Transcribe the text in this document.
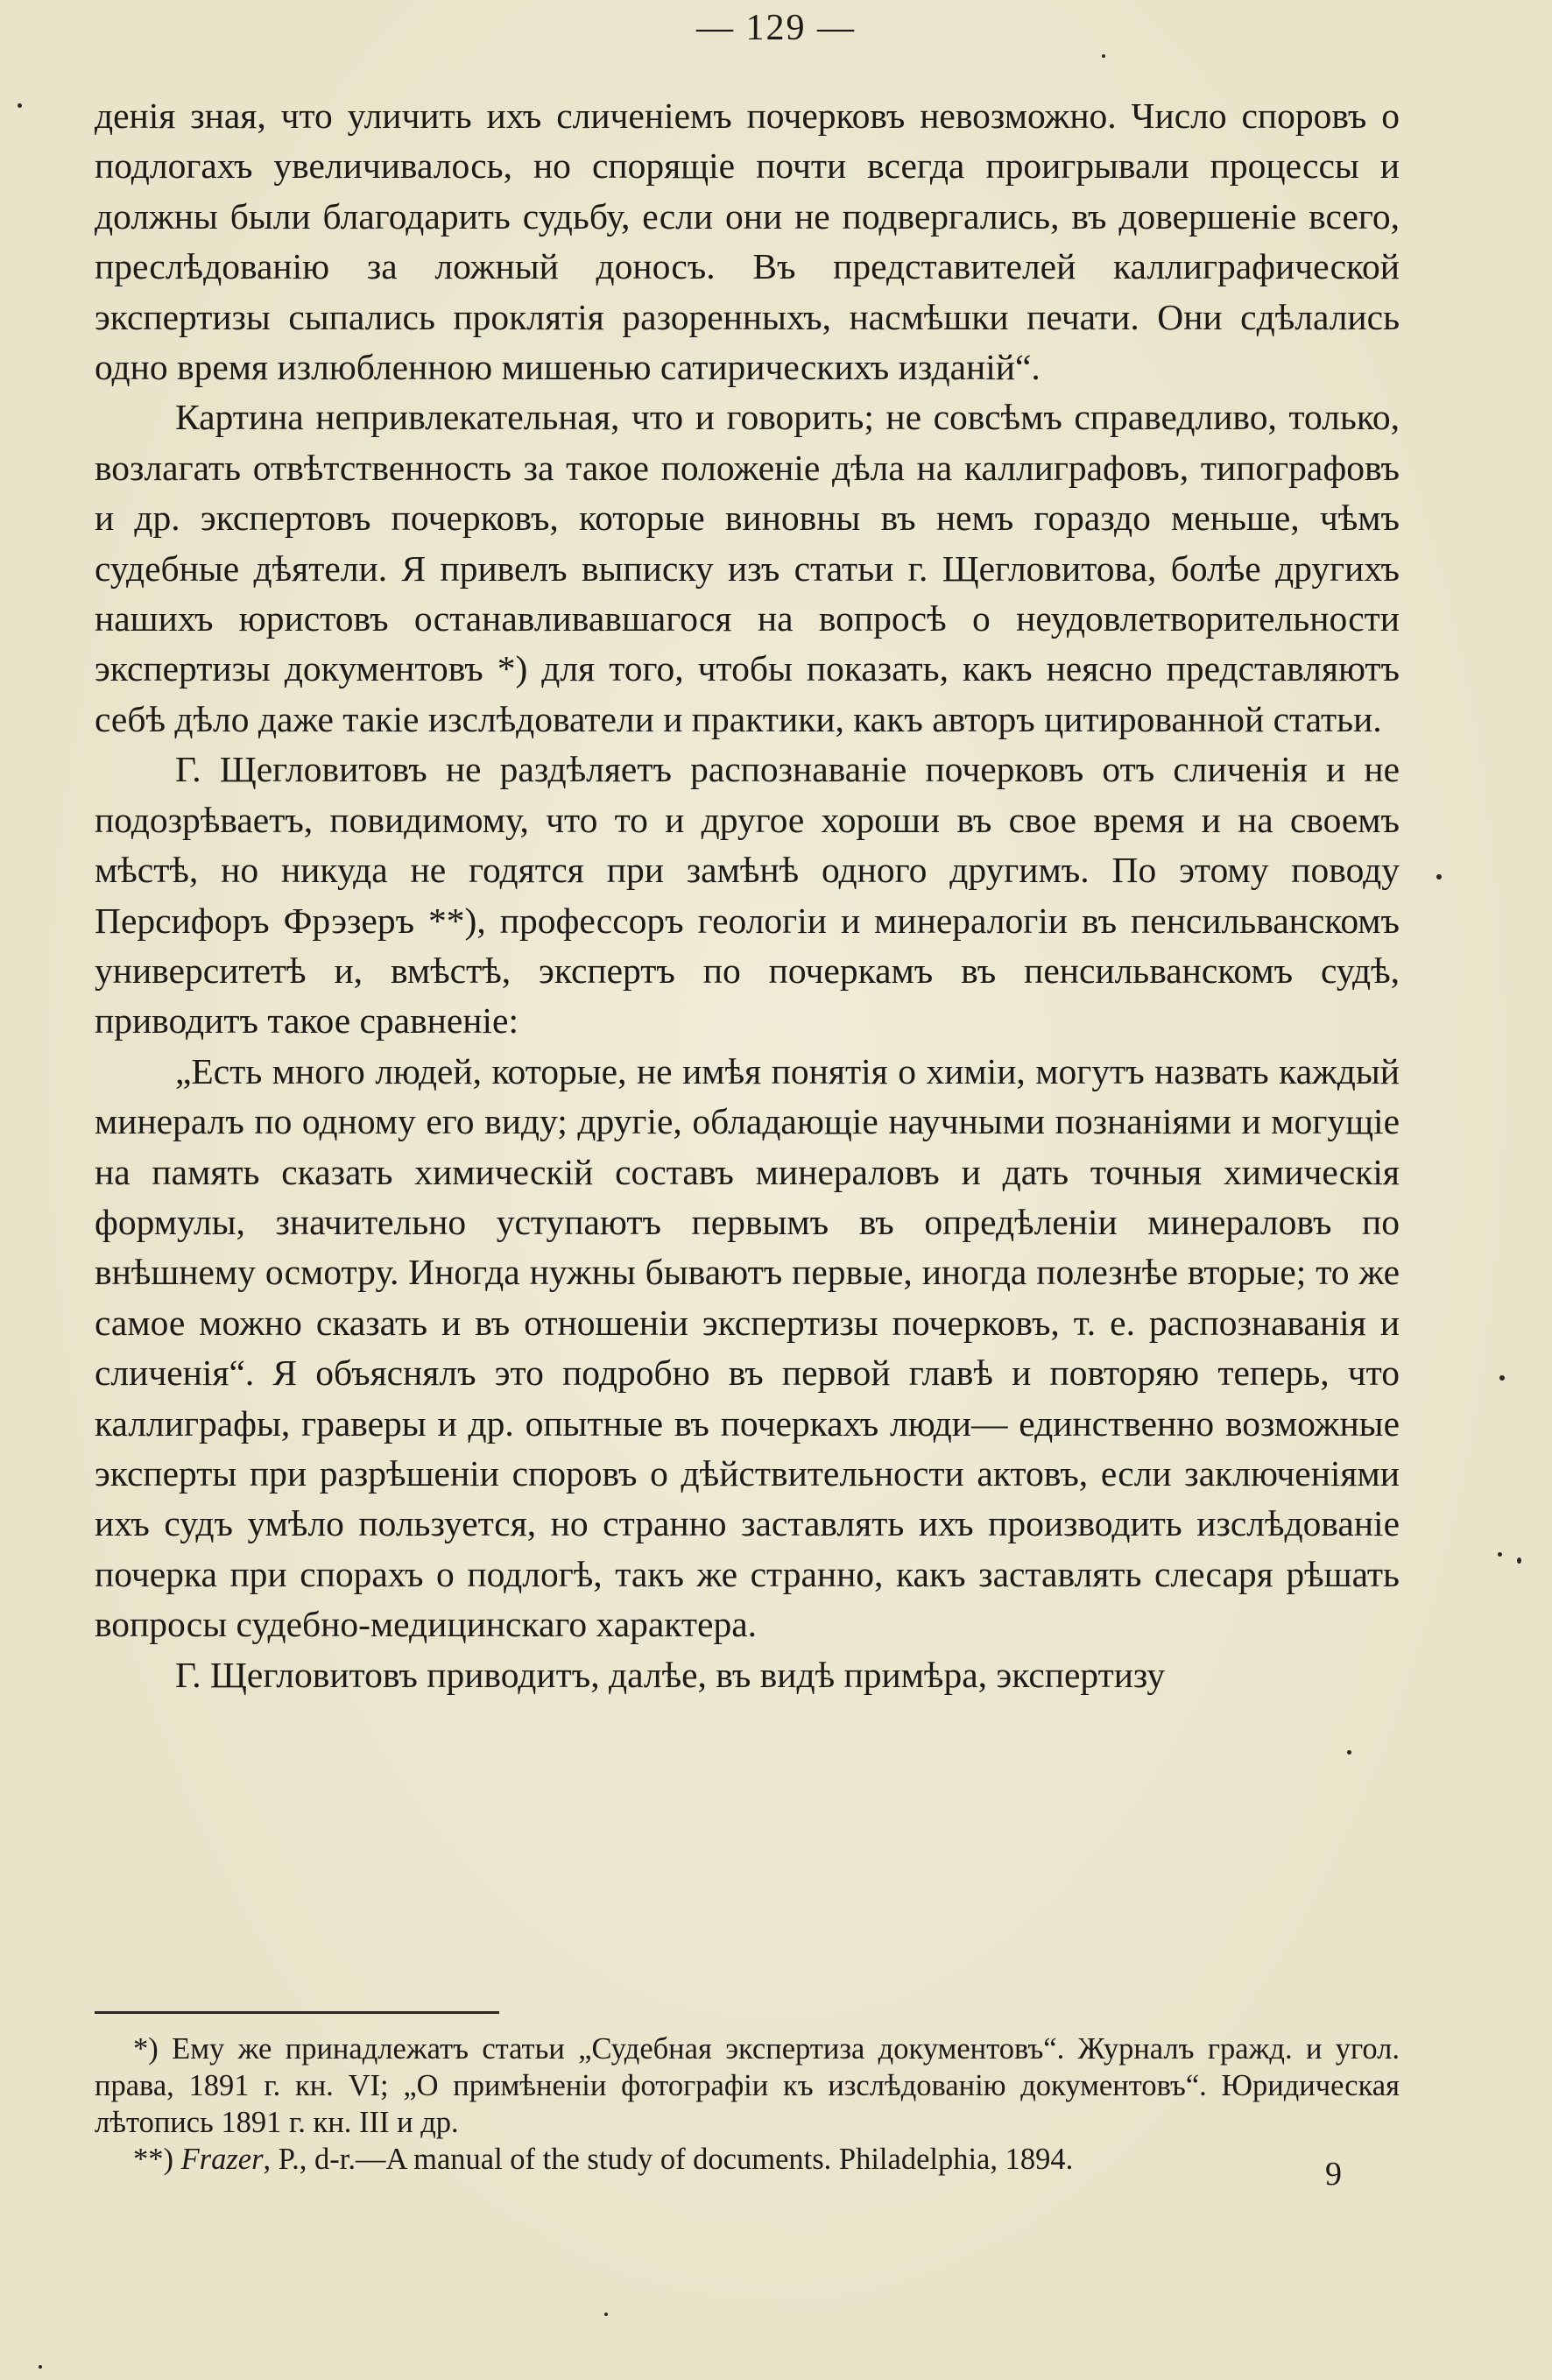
— 129 —

денія зная, что уличить ихъ сличеніемъ почерковъ невозможно. Число споровъ о подлогахъ увеличивалось, но спорящіе почти всегда проигрывали процессы и должны были благодарить судьбу, если они не подвергались, въ довершеніе всего, преслѣдованію за ложный доносъ. Въ представителей каллиграфической экспертизы сыпались проклятія разоренныхъ, насмѣшки печати. Они сдѣлались одно время излюбленною мишенью сатирическихъ изданій“.

Картина непривлекательная, что и говорить; не совсѣмъ справедливо, только, возлагать отвѣтственность за такое положеніе дѣла на каллиграфовъ, типографовъ и др. экспертовъ почерковъ, которые виновны въ немъ гораздо меньше, чѣмъ судебные дѣятели. Я привелъ выписку изъ статьи г. Щегловитова, болѣе другихъ нашихъ юристовъ останавливавшагося на вопросѣ о неудовлетворительности экспертизы документовъ *) для того, чтобы показать, какъ неясно представляютъ себѣ дѣло даже такіе изслѣдователи и практики, какъ авторъ цитированной статьи.

Г. Щегловитовъ не раздѣляетъ распознаваніе почерковъ отъ сличенія и не подозрѣваетъ, повидимому, что то и другое хороши въ свое время и на своемъ мѣстѣ, но никуда не годятся при замѣнѣ одного другимъ. По этому поводу Персифоръ Фрэзеръ **), профессоръ геологіи и минералогіи въ пенсильванскомъ университетѣ и, вмѣстѣ, экспертъ по почеркамъ въ пенсильванскомъ судѣ, приводитъ такое сравненіе:

„Есть много людей, которые, не имѣя понятія о химіи, могутъ назвать каждый минералъ по одному его виду; другіе, обладающіе научными познаніями и могущіе на память сказать химическій составъ минераловъ и дать точныя химическія формулы, значительно уступаютъ первымъ въ опредѣленіи минераловъ по внѣшнему осмотру. Иногда нужны бываютъ первые, иногда полезнѣе вторые; то же самое можно сказать и въ отношеніи экспертизы почерковъ, т. е. распознаванія и сличенія“. Я объяснялъ это подробно въ первой главѣ и повторяю теперь, что каллиграфы, граверы и др. опытные въ почеркахъ люди— единственно возможные эксперты при разрѣшеніи споровъ о дѣйствительности актовъ, если заключеніями ихъ судъ умѣло пользуется, но странно заставлять ихъ производить изслѣдованіе почерка при спорахъ о подлогѣ, такъ же странно, какъ заставлять слесаря рѣшать вопросы судебно-медицинскаго характера.

Г. Щегловитовъ приводитъ, далѣе, въ видѣ примѣра, экспертизу

*) Ему же принадлежатъ статьи „Судебная экспертиза документовъ“. Журналъ гражд. и угол. права, 1891 г. кн. VI; „О примѣненіи фотографіи къ изслѣдованію документовъ“. Юридическая лѣтопись 1891 г. кн. III и др.

**) Frazer, P., d-r.—A manual of the study of documents. Philadelphia, 1894.	9
